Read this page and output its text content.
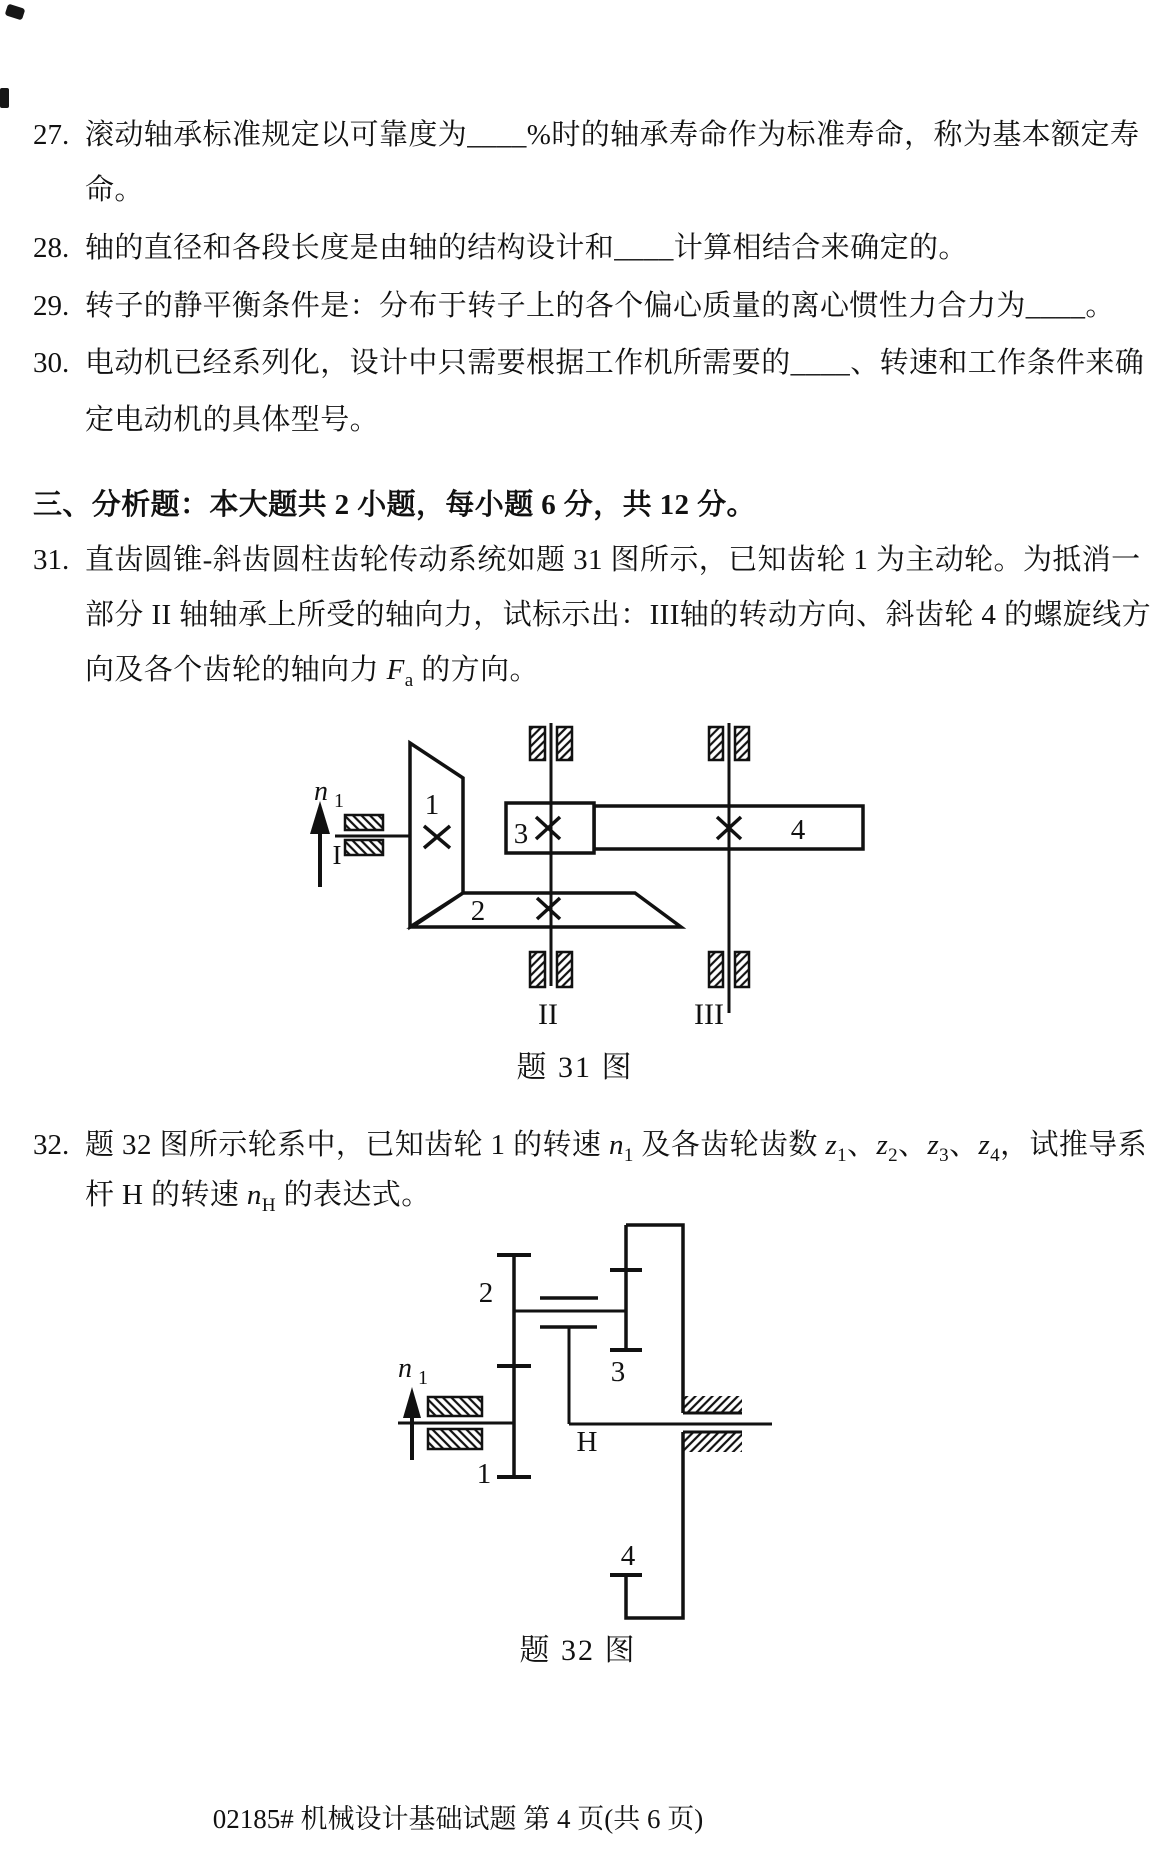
27. 滚动轴承标准规定以可靠度为____%时的轴承寿命作为标准寿命，称为基本额定寿
命。
28. 轴的直径和各段长度是由轴的结构设计和____计算相结合来确定的。
29. 转子的静平衡条件是：分布于转子上的各个偏心质量的离心惯性力合力为____。
30. 电动机已经系列化，设计中只需要根据工作机所需要的____、转速和工作条件来确
定电动机的具体型号。
三、分析题：本大题共 2 小题，每小题 6 分，共 12 分。
31. 直齿圆锥-斜齿圆柱齿轮传动系统如题 31 图所示，已知齿轮 1 为主动轮。为抵消一
部分 II 轴轴承上所受的轴向力，试标示出：III轴的转动方向、斜齿轮 4 的螺旋线方
向及各个齿轮的轴向力 $F_a$ 的方向。
n 1
I
1
2
3	4
II	III
题 31 图
32. 题 32 图所示轮系中，已知齿轮 1 的转速 $n_1$ 及各齿轮齿数 $z_1$、$z_2$、$z_3$、$z_4$，试推导系
杆 H 的转速 $n_H$ 的表达式。
n 1
2
1
3
4
H
题 32 图
02185# 机械设计基础试题 第 4 页(共 6 页)
